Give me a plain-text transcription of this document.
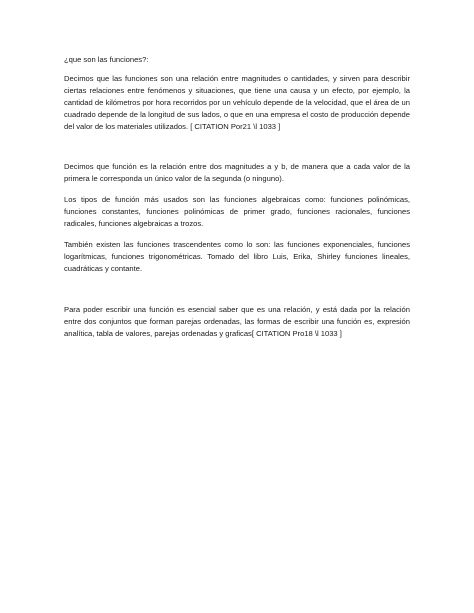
¿que son las funciones?:

Decimos que las funciones son una relación entre magnitudes o cantidades, y sirven para describir ciertas relaciones entre fenómenos y situaciones, que tiene una causa y un efecto, por ejemplo, la cantidad de kilómetros por hora recorridos por un vehículo depende de la velocidad, que el área de un cuadrado depende de la longitud de sus lados, o que en una empresa el costo de producción depende del valor de los materiales utilizados. [ CITATION Por21 \l 1033 ]

Decimos que función es la relación entre dos magnitudes a y b, de manera que a cada valor de la primera le corresponda un único valor de la segunda (o ninguno).

Los tipos de función más usados son las funciones algebraicas como: funciones polinómicas, funciones constantes, funciones polinómicas de primer grado, funciones racionales, funciones radicales, funciones algebraicas a trozos.

También existen las funciones trascendentes como lo son: las funciones exponenciales, funciones logarítmicas, funciones trigonométricas. Tomado del libro Luis, Erika, Shirley funciones lineales, cuadráticas y contante.

Para poder escribir una función es esencial saber que es una relación, y está dada por la relación entre dos conjuntos que forman parejas ordenadas, las formas de escribir una función es, expresión analítica, tabla de valores, parejas ordenadas y graficas[ CITATION Pro18 \l 1033 ]
